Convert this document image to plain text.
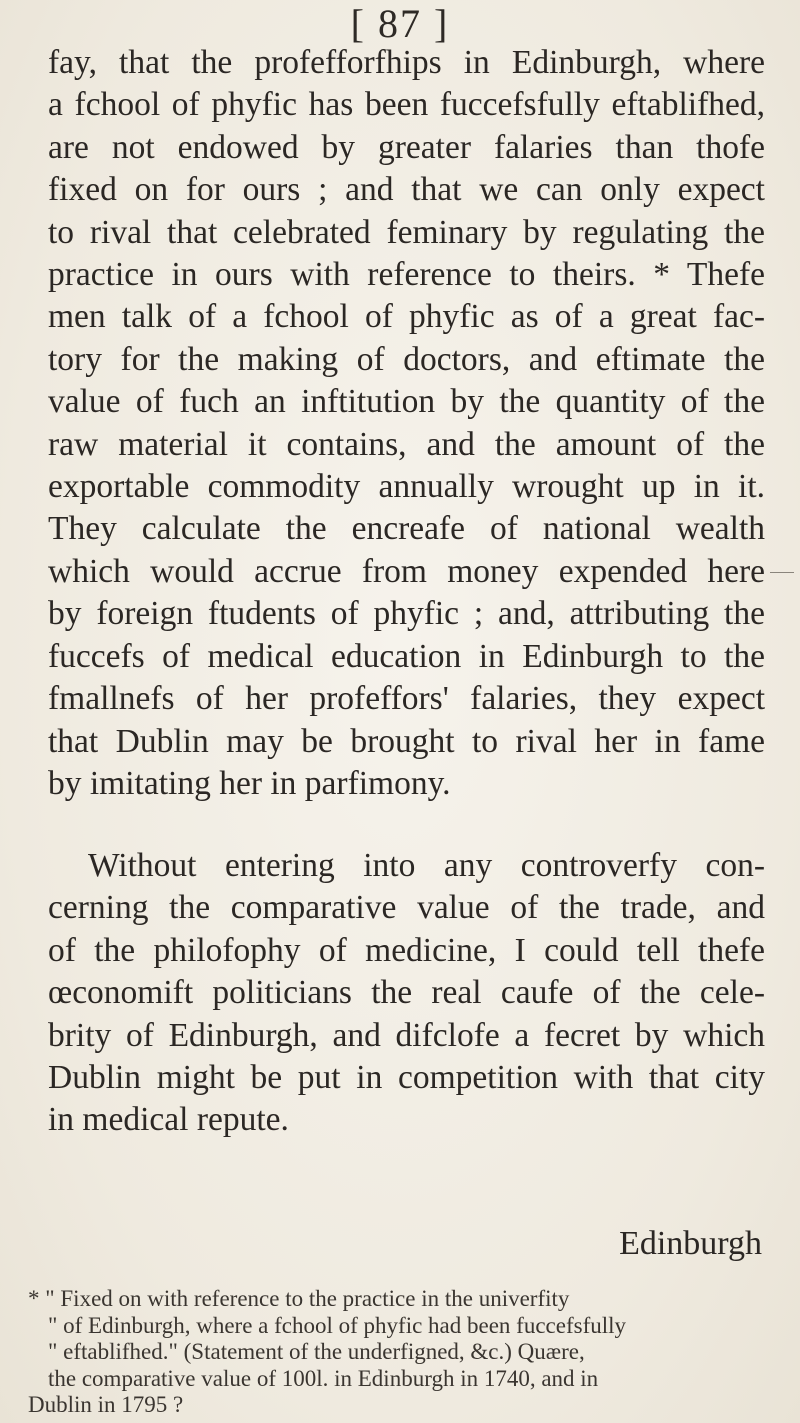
[ 87 ]
fay, that the profefforfhips in Edinburgh, where
a fchool of phyfic has been fuccefsfully eftablifhed,
are not endowed by greater falaries than thofe
fixed on for ours ; and that we can only expect
to rival that celebrated feminary by regulating the
practice in ours with reference to theirs. * Thefe
men talk of a fchool of phyfic as of a great fac-
tory for the making of doctors, and eftimate the
value of fuch an inftitution by the quantity of the
raw material it contains, and the amount of the
exportable commodity annually wrought up in it.
They calculate the encreafe of national wealth
which would accrue from money expended here
by foreign ftudents of phyfic ; and, attributing the
fuccefs of medical education in Edinburgh to the
fmallnefs of her profeffors' falaries, they expect
that Dublin may be brought to rival her in fame
by imitating her in parfimony.
Without entering into any controverfy con-
cerning the comparative value of the trade, and
of the philofophy of medicine, I could tell thefe
œconomift politicians the real caufe of the cele-
brity of Edinburgh, and difclofe a fecret by which
Dublin might be put in competition with that city
in medical repute.
Edinburgh
* " Fixed on with reference to the practice in the univerfity
" of Edinburgh, where a fchool of phyfic had been fuccefsfully
" eftablifhed." (Statement of the underfigned, &c.) Quære,
the comparative value of 100l. in Edinburgh in 1740, and in
Dublin in 1795 ?
